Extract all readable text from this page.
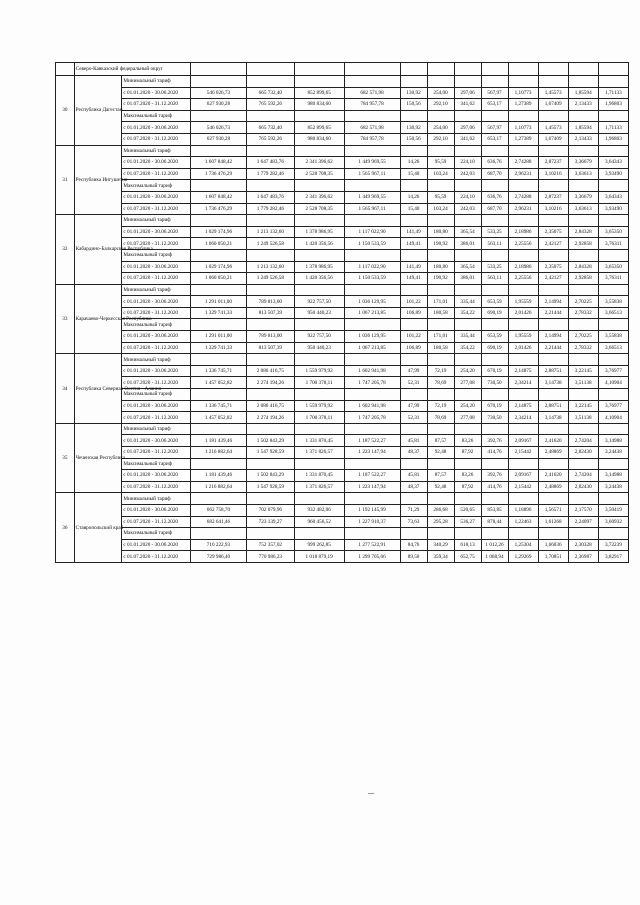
	Северо-Кавказский федеральный округ													
30	Республика Дагестан	Минимальный тариф												
		с 01.01.2020 - 30.06.2020	546 026,73	665 732,40	852 899,65	682 571,98	130,92	254,00	297,06	567,97	1,10773	1,45573	1,85594	1,71133
		с 01.07.2020 - 31.12.2020	627 930,28	765 592,26	980 834,60	784 957,78	150,56	292,10	341,62	653,17	1,27389	1,67409	2,13433	1,96803
		Максимальный тариф												
		с 01.01.2020 - 30.06.2020	546 026,73	665 732,40	852 899,65	682 571,98	130,92	254,00	297,06	567,97	1,10773	1,45573	1,85594	1,71133
		с 01.07.2020 - 31.12.2020	627 930,28	765 592,26	980 834,60	784 957,78	150,56	292,10	341,62	653,17	1,27389	1,67409	2,13433	1,96803
31	Республика Ингушетия	Минимальный тариф												
		с 01.01.2020 - 30.06.2020	1 607 848,42	1 647 483,76	2 341 396,62	1 449 969,55	14,26	95,59	224,10	636,76	2,74288	2,87237	3,36679	3,64343
		с 01.07.2020 - 31.12.2020	1 736 476,29	1 779 282,46	2 528 708,35	1 565 967,11	15,40	103,24	242,03	687,70	2,96231	3,10216	3,63613	3,93490
		Максимальный тариф												
		с 01.01.2020 - 30.06.2020	1 607 848,42	1 647 483,76	2 341 396,62	1 449 969,55	14,26	95,59	224,10	636,76	2,74288	2,87237	3,36679	3,64343
		с 01.07.2020 - 31.12.2020	1 736 476,29	1 779 282,46	2 528 708,35	1 565 967,11	15,40	103,24	242,03	687,70	2,96231	3,10216	3,63613	3,93490
32	Кабардино-Балкарская Республика	Минимальный тариф												
		с 01.01.2020 - 30.06.2020	1 029 174,96	1 213 132,60	1 378 986,95	1 117 022,90	141,49	180,80	365,54	533,25	2,18986	2,35075	2,84328	3,65350
		с 01.07.2020 - 31.12.2020	1 060 050,21	1 249 526,58	1 420 356,56	1 150 533,59	149,41	190,92	386,01	563,11	2,25556	2,42127	2,92858	3,76311
		Максимальный тариф												
		с 01.01.2020 - 30.06.2020	1 029 174,96	1 213 132,60	1 378 986,95	1 117 022,90	141,49	180,80	365,54	533,25	2,18986	2,35075	2,84328	3,65350
		с 01.07.2020 - 31.12.2020	1 060 050,21	1 249 526,58	1 420 356,56	1 150 533,59	149,41	190,92	386,01	563,11	2,25556	2,42127	2,92858	3,76311
33	Карачаево-Черкесская Республика	Минимальный тариф												
		с 01.01.2020 - 30.06.2020	1 291 011,00	789 813,00	922 757,50	1 036 129,95	101,22	171,01	335,44	653,59	1,95559	2,14994	2,70225	3,55838
		с 01.07.2020 - 31.12.2020	1 329 741,33	813 507,39	950 440,23	1 067 213,85	106,89	180,58	354,22	690,19	2,01426	2,21444	2,78332	3,66513
		Максимальный тариф												
		с 01.01.2020 - 30.06.2020	1 291 011,00	789 813,00	922 757,50	1 036 129,95	101,22	171,01	335,44	653,59	1,95559	2,14994	2,70225	3,55838
		с 01.07.2020 - 31.12.2020	1 329 741,33	813 507,39	950 440,23	1 067 213,85	106,89	180,58	354,22	690,19	2,01426	2,21444	2,78332	3,66513
34	Республика Северная Осетия - Алания	Минимальный тариф												
		с 01.01.2020 - 30.06.2020	1 336 745,71	2 086 416,75	1 559 979,92	1 602 941,98	47,99	72,19	254,20	670,19	2,14875	2,88751	3,22145	3,76977
		с 01.07.2020 - 31.12.2020	1 457 052,82	2 274 194,26	1 700 378,11	1 747 205,78	52,31	78,69	277,08	730,50	2,34214	3,14738	3,51138	4,10904
		Максимальный тариф												
		с 01.01.2020 - 30.06.2020	1 336 745,71	2 086 416,75	1 559 979,92	1 602 941,98	47,99	72,19	254,20	670,19	2,14875	2,88751	3,22145	3,76977
		с 01.07.2020 - 31.12.2020	1 457 052,82	2 274 194,26	1 700 378,11	1 747 205,78	52,31	78,69	277,08	730,50	2,34214	3,14738	3,51138	4,10904
35	Чеченская Республика	Минимальный тариф												
		с 01.01.2020 - 30.06.2020	1 181 439,46	1 502 843,29	1 331 870,45	1 187 522,27	45,81	87,57	83,26	392,76	2,09167	2,41620	2,74204	3,14988
		с 01.07.2020 - 31.12.2020	1 216 882,64	1 547 928,59	1 371 826,57	1 223 147,94	48,37	92,48	87,92	414,76	2,15442	2,48869	2,82430	3,24438
		Максимальный тариф												
		с 01.01.2020 - 30.06.2020	1 181 439,46	1 502 843,29	1 331 870,45	1 187 522,27	45,81	87,57	83,26	392,76	2,09167	2,41620	2,74204	3,14988
		с 01.07.2020 - 31.12.2020	1 216 882,64	1 547 928,59	1 371 826,57	1 223 147,94	48,37	92,48	87,92	414,76	2,15442	2,48869	2,82430	3,24438
36	Ставропольский край	Минимальный тариф												
		с 01.01.2020 - 30.06.2020	662 758,70	702 079,96	932 482,06	1 192 145,99	71,29	286,68	520,65	853,85	1,18896	1,56571	2,17570	3,50419
		с 01.07.2020 - 31.12.2020	682 641,46	723 139,27	960 456,52	1 227 910,37	73,63	295,28	536,27	878,44	1,22463	1,61268	2,24097	3,60932
		Максимальный тариф												
		с 01.01.2020 - 30.06.2020	710 222,93	752 357,02	999 262,85	1 277 522,91	84,76	340,29	618,13	1 012,26	1,25304	1,66036	2,30328	3,72239
		с 01.07.2020 - 31.12.2020	729 986,40	770 986,23	1 018 879,19	1 299 705,06	89,50	359,34	652,75	1 068,94	1,29269	1,70851	2,36987	3,82917
